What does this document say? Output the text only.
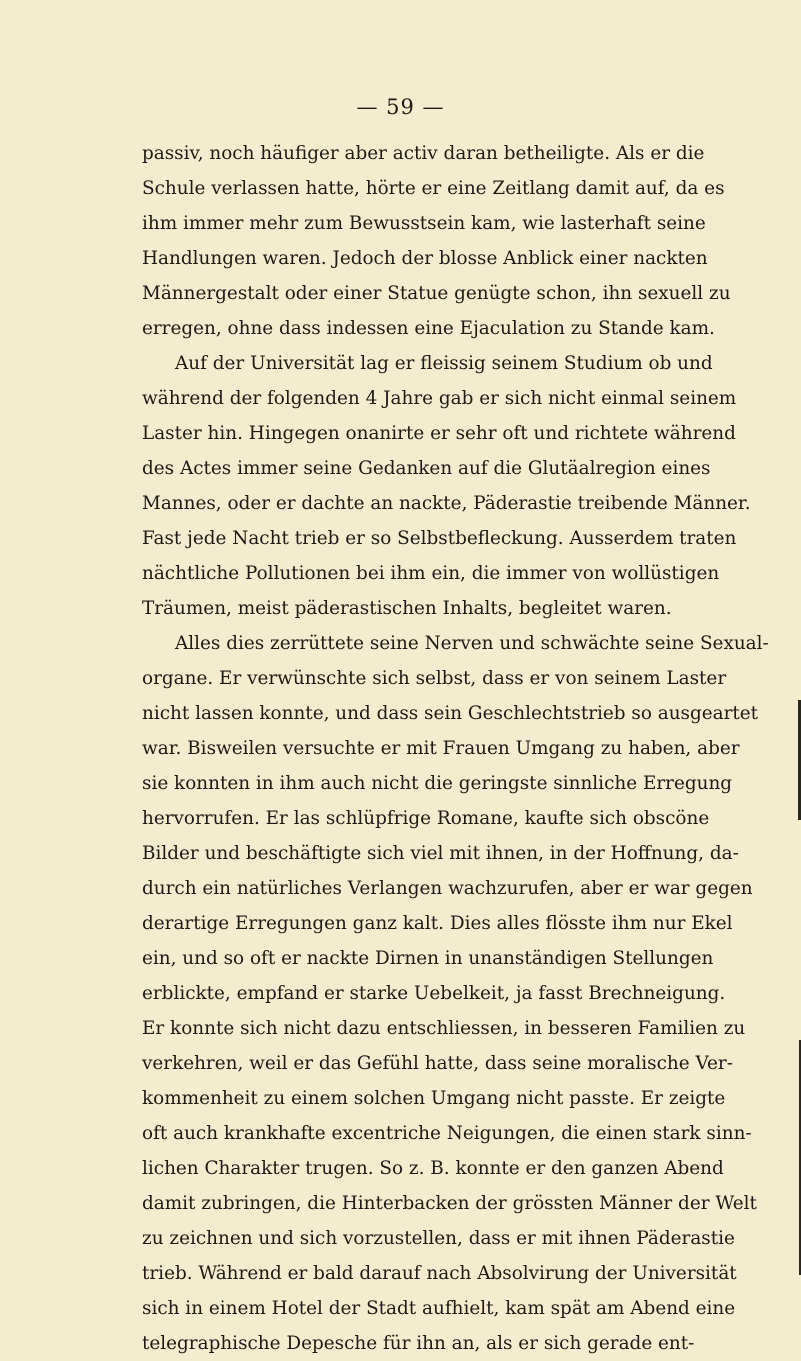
— 59 —
passiv, noch häufiger aber activ daran betheiligte. Als er die
Schule verlassen hatte, hörte er eine Zeitlang damit auf, da es
ihm immer mehr zum Bewusstsein kam, wie lasterhaft seine
Handlungen waren. Jedoch der blosse Anblick einer nackten
Männergestalt oder einer Statue genügte schon, ihn sexuell zu
erregen, ohne dass indessen eine Ejaculation zu Stande kam.
Auf der Universität lag er fleissig seinem Studium ob und
während der folgenden 4 Jahre gab er sich nicht einmal seinem
Laster hin. Hingegen onanirte er sehr oft und richtete während
des Actes immer seine Gedanken auf die Glutäalregion eines
Mannes, oder er dachte an nackte, Päderastie treibende Männer.
Fast jede Nacht trieb er so Selbstbefleckung. Ausserdem traten
nächtliche Pollutionen bei ihm ein, die immer von wollüstigen
Träumen, meist päderastischen Inhalts, begleitet waren.
Alles dies zerrüttete seine Nerven und schwächte seine Sexual-
organe. Er verwünschte sich selbst, dass er von seinem Laster
nicht lassen konnte, und dass sein Geschlechtstrieb so ausgeartet
war. Bisweilen versuchte er mit Frauen Umgang zu haben, aber
sie konnten in ihm auch nicht die geringste sinnliche Erregung
hervorrufen. Er las schlüpfrige Romane, kaufte sich obscöne
Bilder und beschäftigte sich viel mit ihnen, in der Hoffnung, da-
durch ein natürliches Verlangen wachzurufen, aber er war gegen
derartige Erregungen ganz kalt. Dies alles flösste ihm nur Ekel
ein, und so oft er nackte Dirnen in unanständigen Stellungen
erblickte, empfand er starke Uebelkeit, ja fasst Brechneigung.
Er konnte sich nicht dazu entschliessen, in besseren Familien zu
verkehren, weil er das Gefühl hatte, dass seine moralische Ver-
kommenheit zu einem solchen Umgang nicht passte. Er zeigte
oft auch krankhafte excentriche Neigungen, die einen stark sinn-
lichen Charakter trugen. So z. B. konnte er den ganzen Abend
damit zubringen, die Hinterbacken der grössten Männer der Welt
zu zeichnen und sich vorzustellen, dass er mit ihnen Päderastie
trieb. Während er bald darauf nach Absolvirung der Universität
sich in einem Hotel der Stadt aufhielt, kam spät am Abend eine
telegraphische Depesche für ihn an, als er sich gerade ent-
